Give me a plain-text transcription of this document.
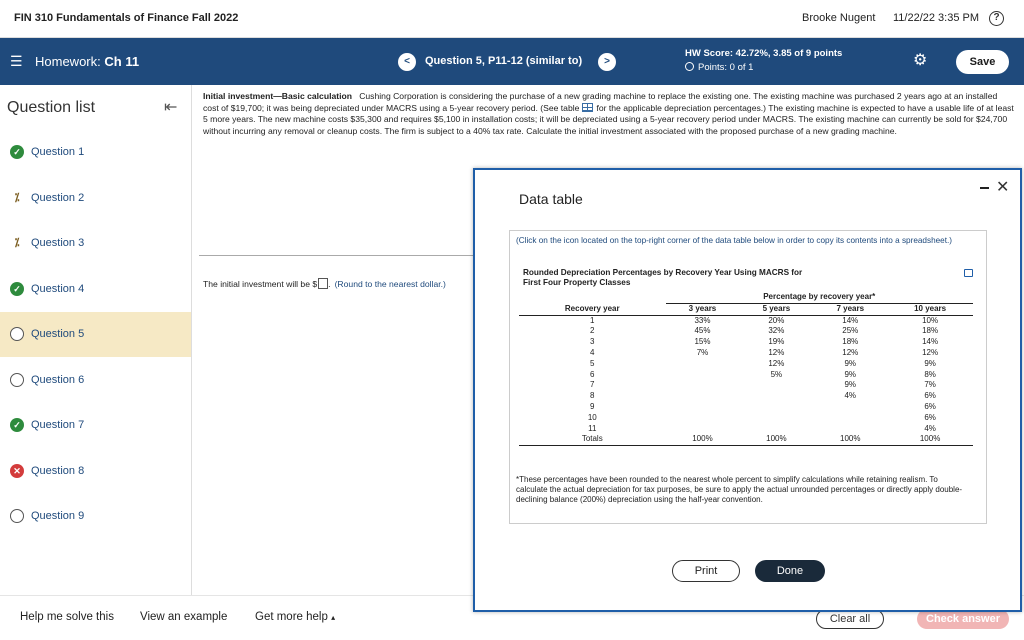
FIN 310 Fundamentals of Finance Fall 2022	Brooke Nugent 11/22/22 3:35 PM	?
☰ Homework: Ch 11	<	Question 5, P11-12 (similar to)	>
HW Score: 42.72%, 3.85 of 9 points
Points: 0 of 1	⚙	Save
Question list	⇤
✓ Question 1
⁒	Question 2
⁒	Question 3
✓ Question 4
Question 5
Question 6
✓ Question 7
✕ Question 8
Question 9
Initial investment—Basic calculation Cushing Corporation is considering the purchase of a new grading machine to replace the existing one. The existing machine was purchased 2 years ago at an installed cost of $19,700; it was being depreciated under MACRS using a 5-year recovery period. (See table for the applicable depreciation percentages.) The existing machine is expected to have a usable life of at least 5 more years. The new machine costs $35,300 and requires $5,100 in installation costs; it will be depreciated using a 5-year recovery period under MACRS. The existing machine can currently be sold for $24,700 without incurring any removal or cleanup costs. The firm is subject to a 40% tax rate. Calculate the initial investment associated with the proposed purchase of a new grading machine.
The initial investment will be $ . (Round to the nearest dollar.)
Help me solve this View an example Get more help ▴	Clear all	Check answer
Data table
✕
(Click on the icon located on the top-right corner of the data table below in order to copy its contents into a spreadsheet.)
Rounded Depreciation Percentages by Recovery Year Using MACRS for
First Four Property Classes
	Percentage by recovery year*			
Recovery year	3 years	5 years	7 years	10 years
1	33%	20%	14%	10%
2	45%	32%	25%	18%
3	15%	19%	18%	14%
4	7%	12%	12%	12%
5		12%	9%	9%
6		5%	9%	8%
7			9%	7%
8			4%	6%
9				6%
10				6%
11				4%
Totals	100%	100%	100%	100%
*These percentages have been rounded to the nearest whole percent to simplify calculations while retaining realism. To calculate the actual depreciation for tax purposes, be sure to apply the actual unrounded percentages or directly apply double-declining balance (200%) depreciation using the half-year convention.
Print	Done
